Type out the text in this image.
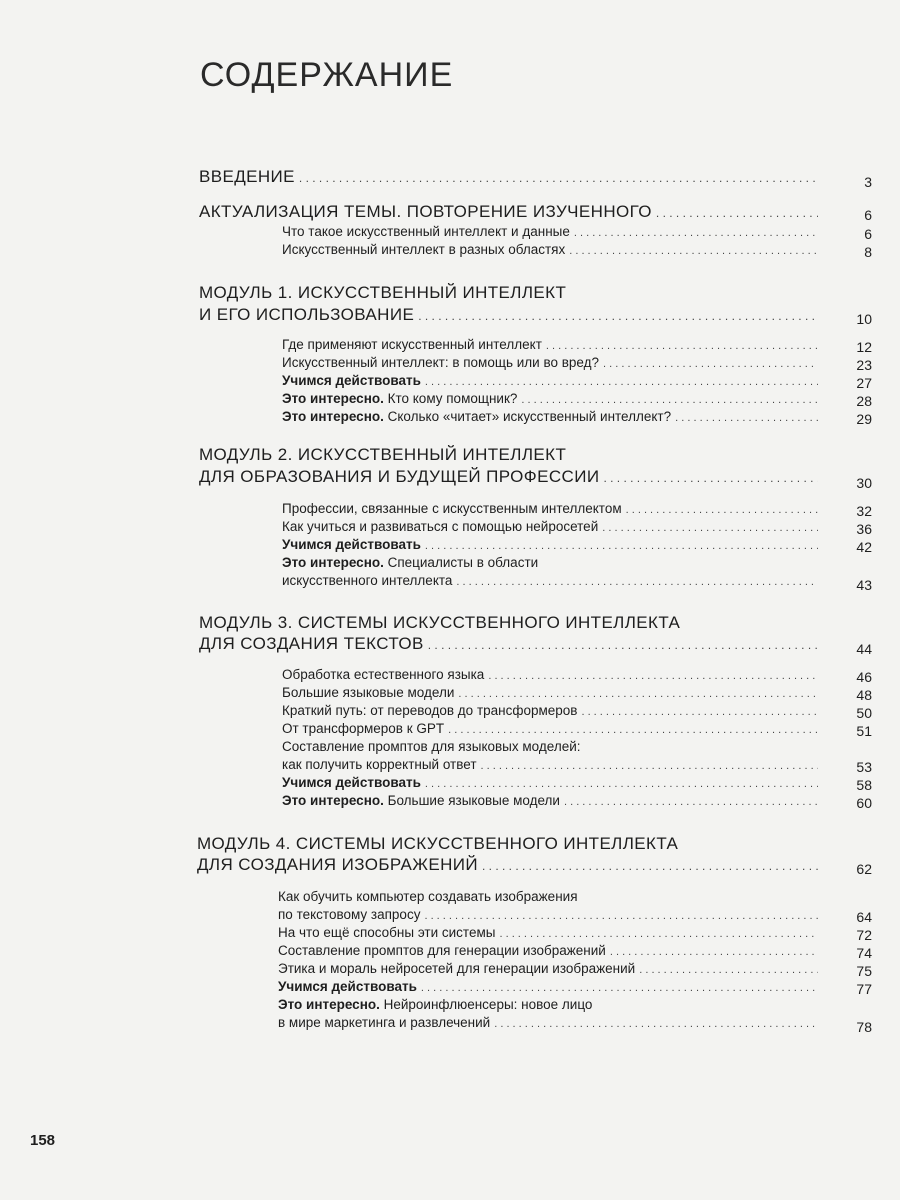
СОДЕРЖАНИЕ
ВВЕДЕНИЕ . . .	3
АКТУАЛИЗАЦИЯ ТЕМЫ. ПОВТОРЕНИЕ ИЗУЧЕННОГО . . .	6
Что такое искусственный интеллект и данные . . .	6
Искусственный интеллект в разных областях . . .	8
МОДУЛЬ 1. ИСКУССТВЕННЫЙ ИНТЕЛЛЕКТ
И ЕГО ИСПОЛЬЗОВАНИЕ . . .	10
Где применяют искусственный интеллект . . .	12
Искусственный интеллект: в помощь или во вред? . . .	23
Учимся действовать . . .	27
Это интересно. Кто кому помощник? . . .	28
Это интересно. Сколько «читает» искусственный интеллект? . . .	29
МОДУЛЬ 2. ИСКУССТВЕННЫЙ ИНТЕЛЛЕКТ
ДЛЯ ОБРАЗОВАНИЯ И БУДУЩЕЙ ПРОФЕССИИ . . .	30
Профессии, связанные с искусственным интеллектом . . .	32
Как учиться и развиваться с помощью нейросетей . . .	36
Учимся действовать . . .	42
Это интересно. Специалисты в области
искусственного интеллекта . . .	43
МОДУЛЬ 3. СИСТЕМЫ ИСКУССТВЕННОГО ИНТЕЛЛЕКТА
ДЛЯ СОЗДАНИЯ ТЕКСТОВ . . .	44
Обработка естественного языка . . .	46
Большие языковые модели . . .	48
Краткий путь: от переводов до трансформеров . . .	50
От трансформеров к GPT . . .	51
Составление промптов для языковых моделей:
как получить корректный ответ . . .	53
Учимся действовать . . .	58
Это интересно. Большие языковые модели . . .	60
МОДУЛЬ 4. СИСТЕМЫ ИСКУССТВЕННОГО ИНТЕЛЛЕКТА
ДЛЯ СОЗДАНИЯ ИЗОБРАЖЕНИЙ . . .	62
Как обучить компьютер создавать изображения
по текстовому запросу . . .	64
На что ещё способны эти системы . . .	72
Составление промптов для генерации изображений . . .	74
Этика и мораль нейросетей для генерации изображений . . .	75
Учимся действовать . . .	77
Это интересно. Нейроинфлюенсеры: новое лицо
в мире маркетинга и развлечений . . .	78
158
